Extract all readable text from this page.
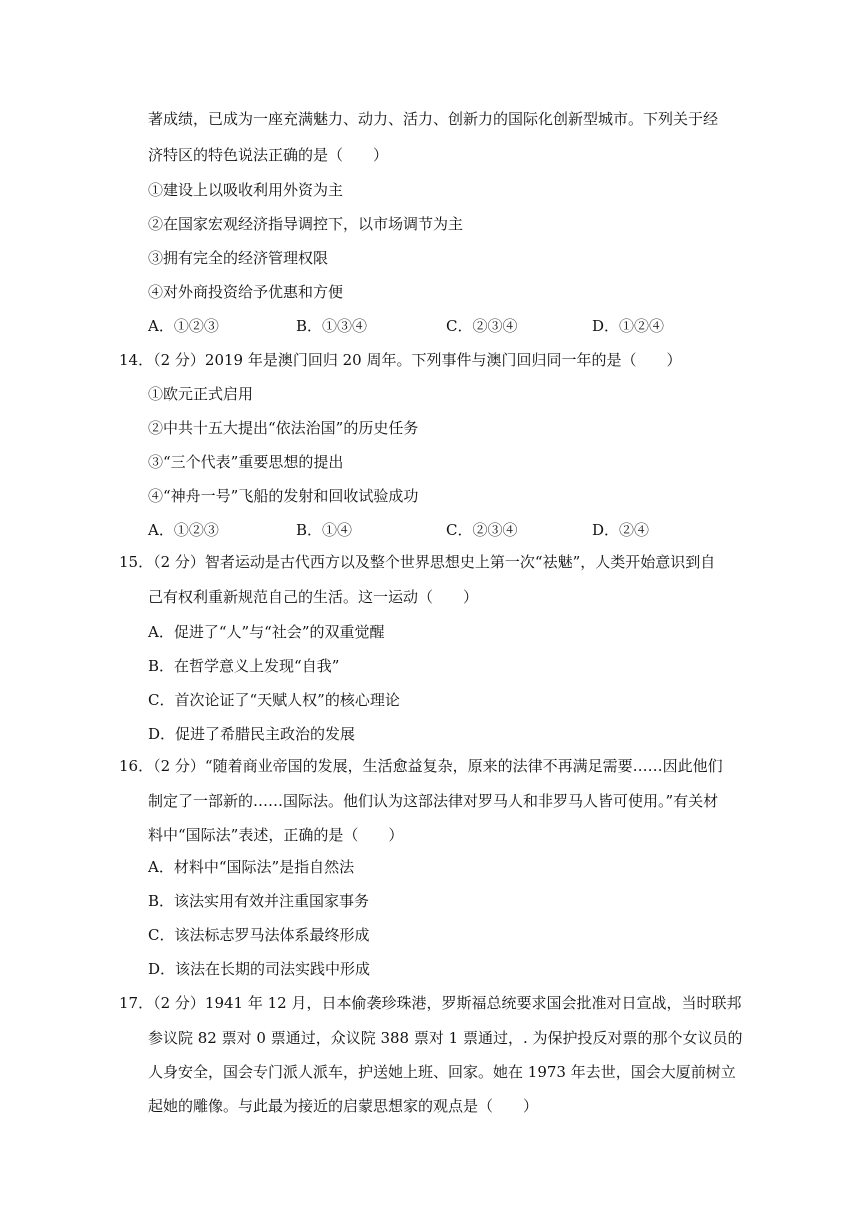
著成绩，已成为一座充满魅力、动力、活力、创新力的国际化创新型城市。下列关于经
济特区的特色说法正确的是（　　）
①建设上以吸收利用外资为主
②在国家宏观经济指导调控下，以市场调节为主
③拥有完全的经济管理权限
④对外商投资给予优惠和方便
A．①②③	B．①③④	C．②③④	D．①②④
14．（2 分）2019 年是澳门回归 20 周年。下列事件与澳门回归同一年的是（　　）
①欧元正式启用
②中共十五大提出“依法治国”的历史任务
③“三个代表”重要思想的提出
④“神舟一号”飞船的发射和回收试验成功
A．①②③	B．①④	C．②③④	D．②④
15．（2 分）智者运动是古代西方以及整个世界思想史上第一次“祛魅”，人类开始意识到自
己有权利重新规范自己的生活。这一运动（　　）
A．促进了“人”与“社会”的双重觉醒
B．在哲学意义上发现“自我”
C．首次论证了“天赋人权”的核心理论
D．促进了希腊民主政治的发展
16．（2 分）“随着商业帝国的发展，生活愈益复杂，原来的法律不再满足需要……因此他们
制定了一部新的……国际法。他们认为这部法律对罗马人和非罗马人皆可使用。”有关材
料中“国际法”表述，正确的是（　　）
A．材料中“国际法”是指自然法
B．该法实用有效并注重国家事务
C．该法标志罗马法体系最终形成
D．该法在长期的司法实践中形成
17．（2 分）1941 年 12 月，日本偷袭珍珠港，罗斯福总统要求国会批准对日宣战，当时联邦
参议院 82 票对 0 票通过，众议院 388 票对 1 票通过，. 为保护投反对票的那个女议员的
人身安全，国会专门派人派车，护送她上班、回家。她在 1973 年去世，国会大厦前树立
起她的雕像。与此最为接近的启蒙思想家的观点是（　　）
